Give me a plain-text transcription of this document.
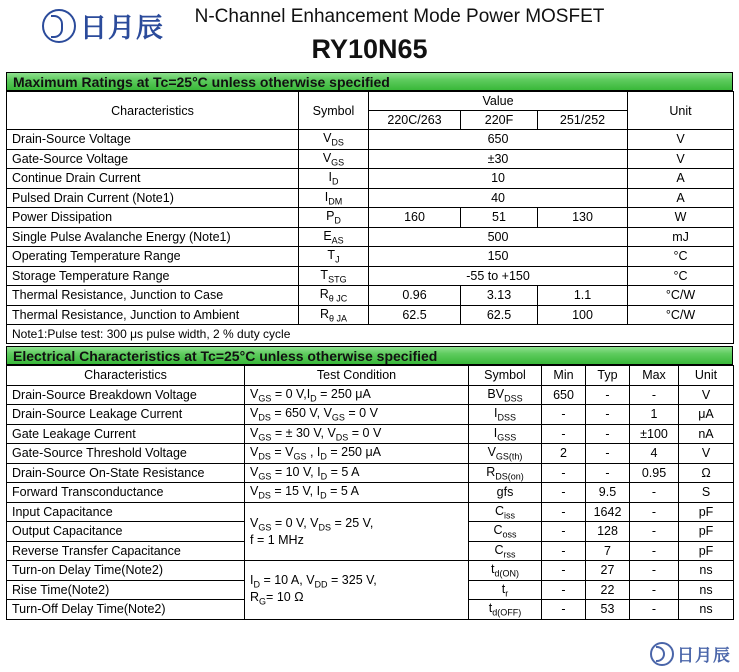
日月辰	N-Channel Enhancement Mode Power MOSFET
RY10N65
Maximum Ratings at Tc=25°C unless otherwise specified
Characteristics	Symbol	Value			Unit
		220C/263	220F	251/252	
Drain-Source Voltage	$V_{DS}$	650			V
Gate-Source Voltage	$V_{GS}$	±30			V
Continue Drain Current	$I_D$	10			A
Pulsed Drain Current (Note1)	$I_{DM}$	40			A
Power Dissipation	$P_D$	160	51	130	W
Single Pulse Avalanche Energy (Note1)	$E_{AS}$	500			mJ
Operating Temperature Range	$T_J$	150			°C
Storage Temperature Range	$T_{STG}$	-55 to +150			°C
Thermal Resistance, Junction to Case	$R_{\theta JC}$	0.96	3.13	1.1	°C/W
Thermal Resistance, Junction to Ambient	$R_{\theta JA}$	62.5	62.5	100	°C/W
Note1:Pulse test: 300 μs pulse width, 2 % duty cycle					
Electrical Characteristics at Tc=25°C unless otherwise specified
Characteristics	Test Condition	Symbol	Min	Typ	Max	Unit
Drain-Source Breakdown Voltage	$V_{GS} = 0$ $V,I_D = 250$ μA	$BV_{DSS}$	650	-	-	V
Drain-Source Leakage Current	$V_{DS} = 650$ V, $V_{GS} = 0$ V	$I_{DSS}$	-	-	1	μA
Gate Leakage Current	$V_{GS}$ = ± 30 V, $V_{DS} = 0$ V	$I_{GSS}$	-	-	±100	nA
Gate-Source Threshold Voltage	$V_{DS} = V_{GS}$ , $I_D = 250$ μA	$V_{GS(th)}$	2	-	4	V
Drain-Source On-State Resistance	$V_{GS} = 10$ V, $I_D = 5$ A	$R_{DS(on)}$	-	-	0.95	Ω
Forward Transconductance	$V_{DS} = 15$ V, $I_D = 5$ A	gfs	-	9.5	-	S
Input Capacitance	$V_{GS} = 0$ V, $V_{DS} = 25$ V,
f = 1 MHz	$C_{iss}$	-	1642	-	pF
Output Capacitance		$C_{oss}$	-	128	-	pF
Reverse Transfer Capacitance		$C_{rss}$	-	7	-	pF
Turn-on Delay Time(Note2)	$I_D = 10$ A, $V_{DD} = 325$ V,
$R_G= 10$ Ω	$t_{d(ON)}$	-	27	-	ns
Rise Time(Note2)		$t_r$	-	22	-	ns
Turn-Off Delay Time(Note2)		$t_{d(OFF)}$	-	53	-	ns
日月辰
